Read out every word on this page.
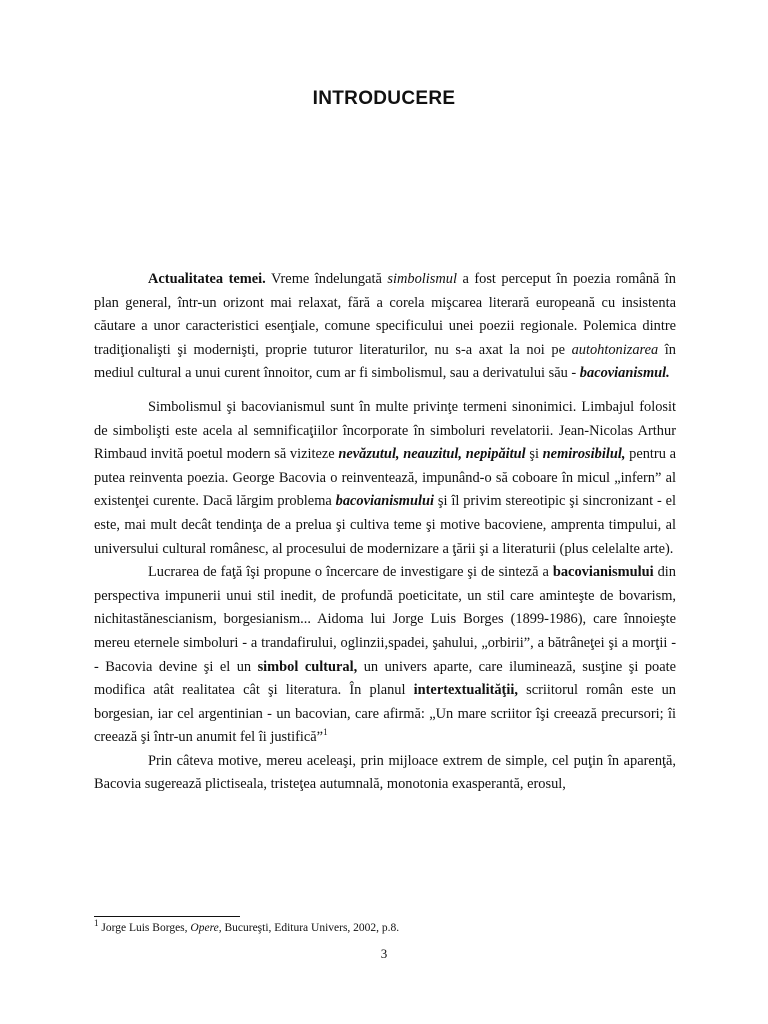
INTRODUCERE

Actualitatea temei. Vreme îndelungată simbolismul a fost perceput în poezia română în plan general, într-un orizont mai relaxat, fără a corela mişcarea literară europeană cu insistenta căutare a unor caracteristici esenţiale, comune specificului unei poezii regionale. Polemica dintre tradiţionalişti şi modernişti, proprie tuturor literaturilor, nu s-a axat la noi pe autohtonizarea în mediul cultural a unui curent înnoitor, cum ar fi simbolismul, sau a derivatului său - bacovianismul.

Simbolismul şi bacovianismul sunt în multe privinţe termeni sinonimici. Limbajul folosit de simbolişti este acela al semnificaţiilor încorporate în simboluri revelatorii. Jean-Nicolas Arthur Rimbaud invită poetul modern să viziteze nevăzutul, neauzitul, nepipăitul şi nemirosibilul, pentru a putea reinventa poezia. George Bacovia o reinventează, impunând-o să coboare în micul „infern” al existenţei curente. Dacă lărgim problema bacovianismului şi îl privim stereotipic şi sincronizant - el este, mai mult decât tendinţa de a prelua şi cultiva teme şi motive bacoviene, amprenta timpului, al universului cultural românesc, al procesului de modernizare a ţării şi a literaturii (plus celelalte arte).

Lucrarea de faţă îşi propune o încercare de investigare şi de sinteză a bacovianismului din perspectiva impunerii unui stil inedit, de profundă poeticitate, un stil care aminteşte de bovarism, nichitastănescianism, borgesianism... Aidoma lui Jorge Luis Borges (1899-1986), care înnoieşte mereu eternele simboluri - a trandafirului, oglinzii,spadei, şahului, „orbirii”, a bătrâneţei şi a morţii -- Bacovia devine şi el un simbol cultural, un univers aparte, care iluminează, susţine şi poate modifica atât realitatea cât şi literatura. În planul intertextualităţii, scriitorul român este un borgesian, iar cel argentinian - un bacovian, care afirmă: „Un mare scriitor îşi creează precursori; îi creează şi într-un anumit fel îi justifică”$^1$

Prin câteva motive, mereu aceleaşi, prin mijloace extrem de simple, cel puţin în aparenţă, Bacovia sugerează plictiseala, tristeţea autumnală, monotonia exasperantă, erosul,

$^1$ Jorge Luis Borges, Opere, Bucureşti, Editura Univers, 2002, p.8.
3
